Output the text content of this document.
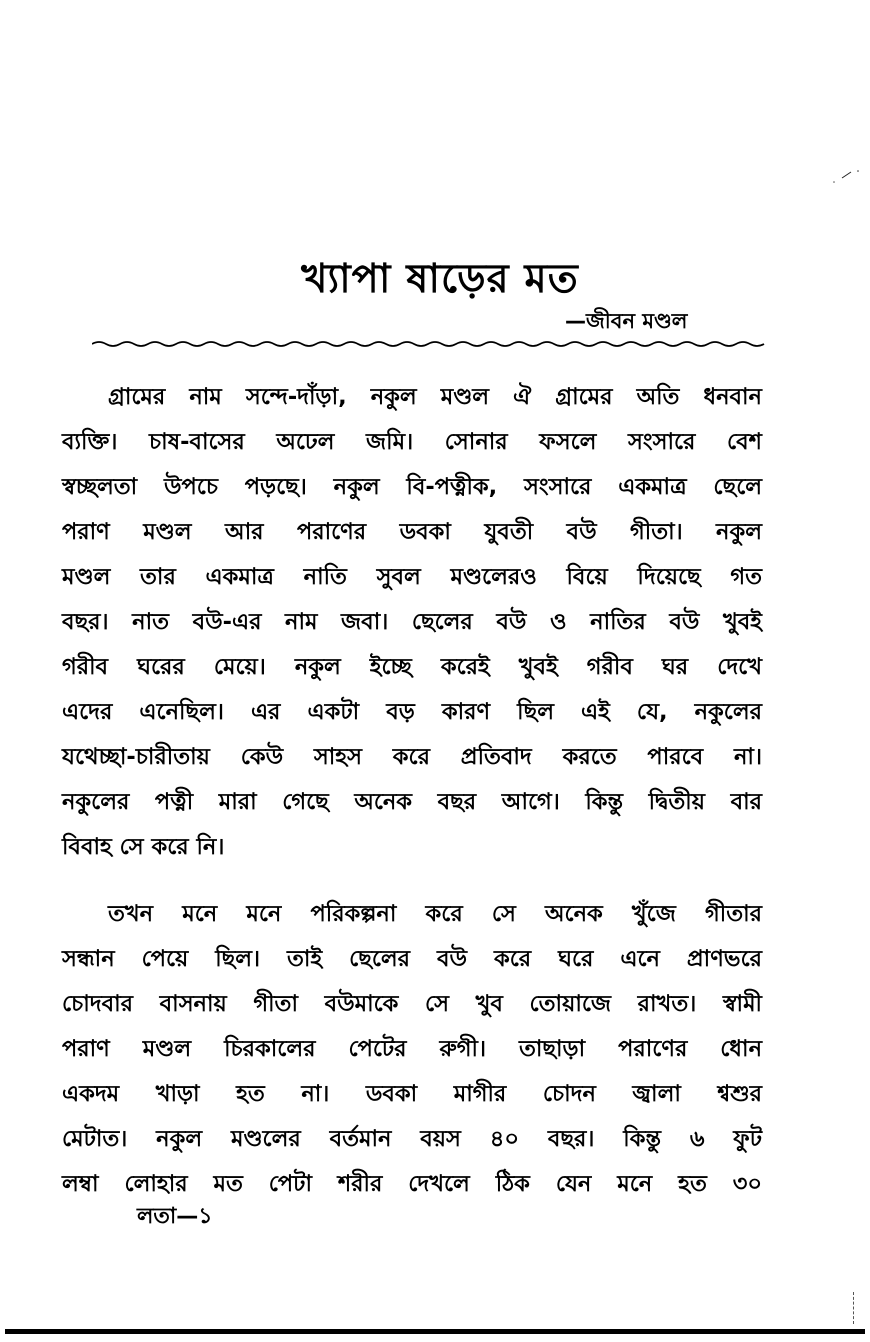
খ্যাপা ষাড়ের মত
—জীবন মণ্ডল
গ্রামের নাম সন্দে-দাঁড়া, নকুল মণ্ডল ঐ গ্রামের অতি ধনবান
ব্যক্তি। চাষ-বাসের অঢেল জমি। সোনার ফসলে সংসারে বেশ
স্বচ্ছলতা উপচে পড়ছে। নকুল বি-পত্নীক, সংসারে একমাত্র ছেলে
পরাণ মণ্ডল আর পরাণের ডবকা যুবতী বউ গীতা। নকুল
মণ্ডল তার একমাত্র নাতি সুবল মণ্ডলেরও বিয়ে দিয়েছে গত
বছর। নাত বউ-এর নাম জবা। ছেলের বউ ও নাতির বউ খুবই
গরীব ঘরের মেয়ে। নকুল ইচ্ছে করেই খুবই গরীব ঘর দেখে
এদের এনেছিল। এর একটা বড় কারণ ছিল এই যে, নকুলের
যথেচ্ছা-চারীতায় কেউ সাহস করে প্রতিবাদ করতে পারবে না।
নকুলের পত্নী মারা গেছে অনেক বছর আগে। কিন্তু দ্বিতীয় বার
বিবাহ সে করে নি।
তখন মনে মনে পরিকল্পনা করে সে অনেক খুঁজে গীতার
সন্ধান পেয়ে ছিল। তাই ছেলের বউ করে ঘরে এনে প্রাণভরে
চোদবার বাসনায় গীতা বউমাকে সে খুব তোয়াজে রাখত। স্বামী
পরাণ মণ্ডল চিরকালের পেটের রুগী। তাছাড়া পরাণের ধোন
একদম খাড়া হত না। ডবকা মাগীর চোদন জ্বালা শ্বশুর
মেটাত। নকুল মণ্ডলের বর্তমান বয়স ৪০ বছর। কিন্তু ৬ ফুট
লম্বা লোহার মত পেটা শরীর দেখলে ঠিক যেন মনে হত ৩০
লতা—১
